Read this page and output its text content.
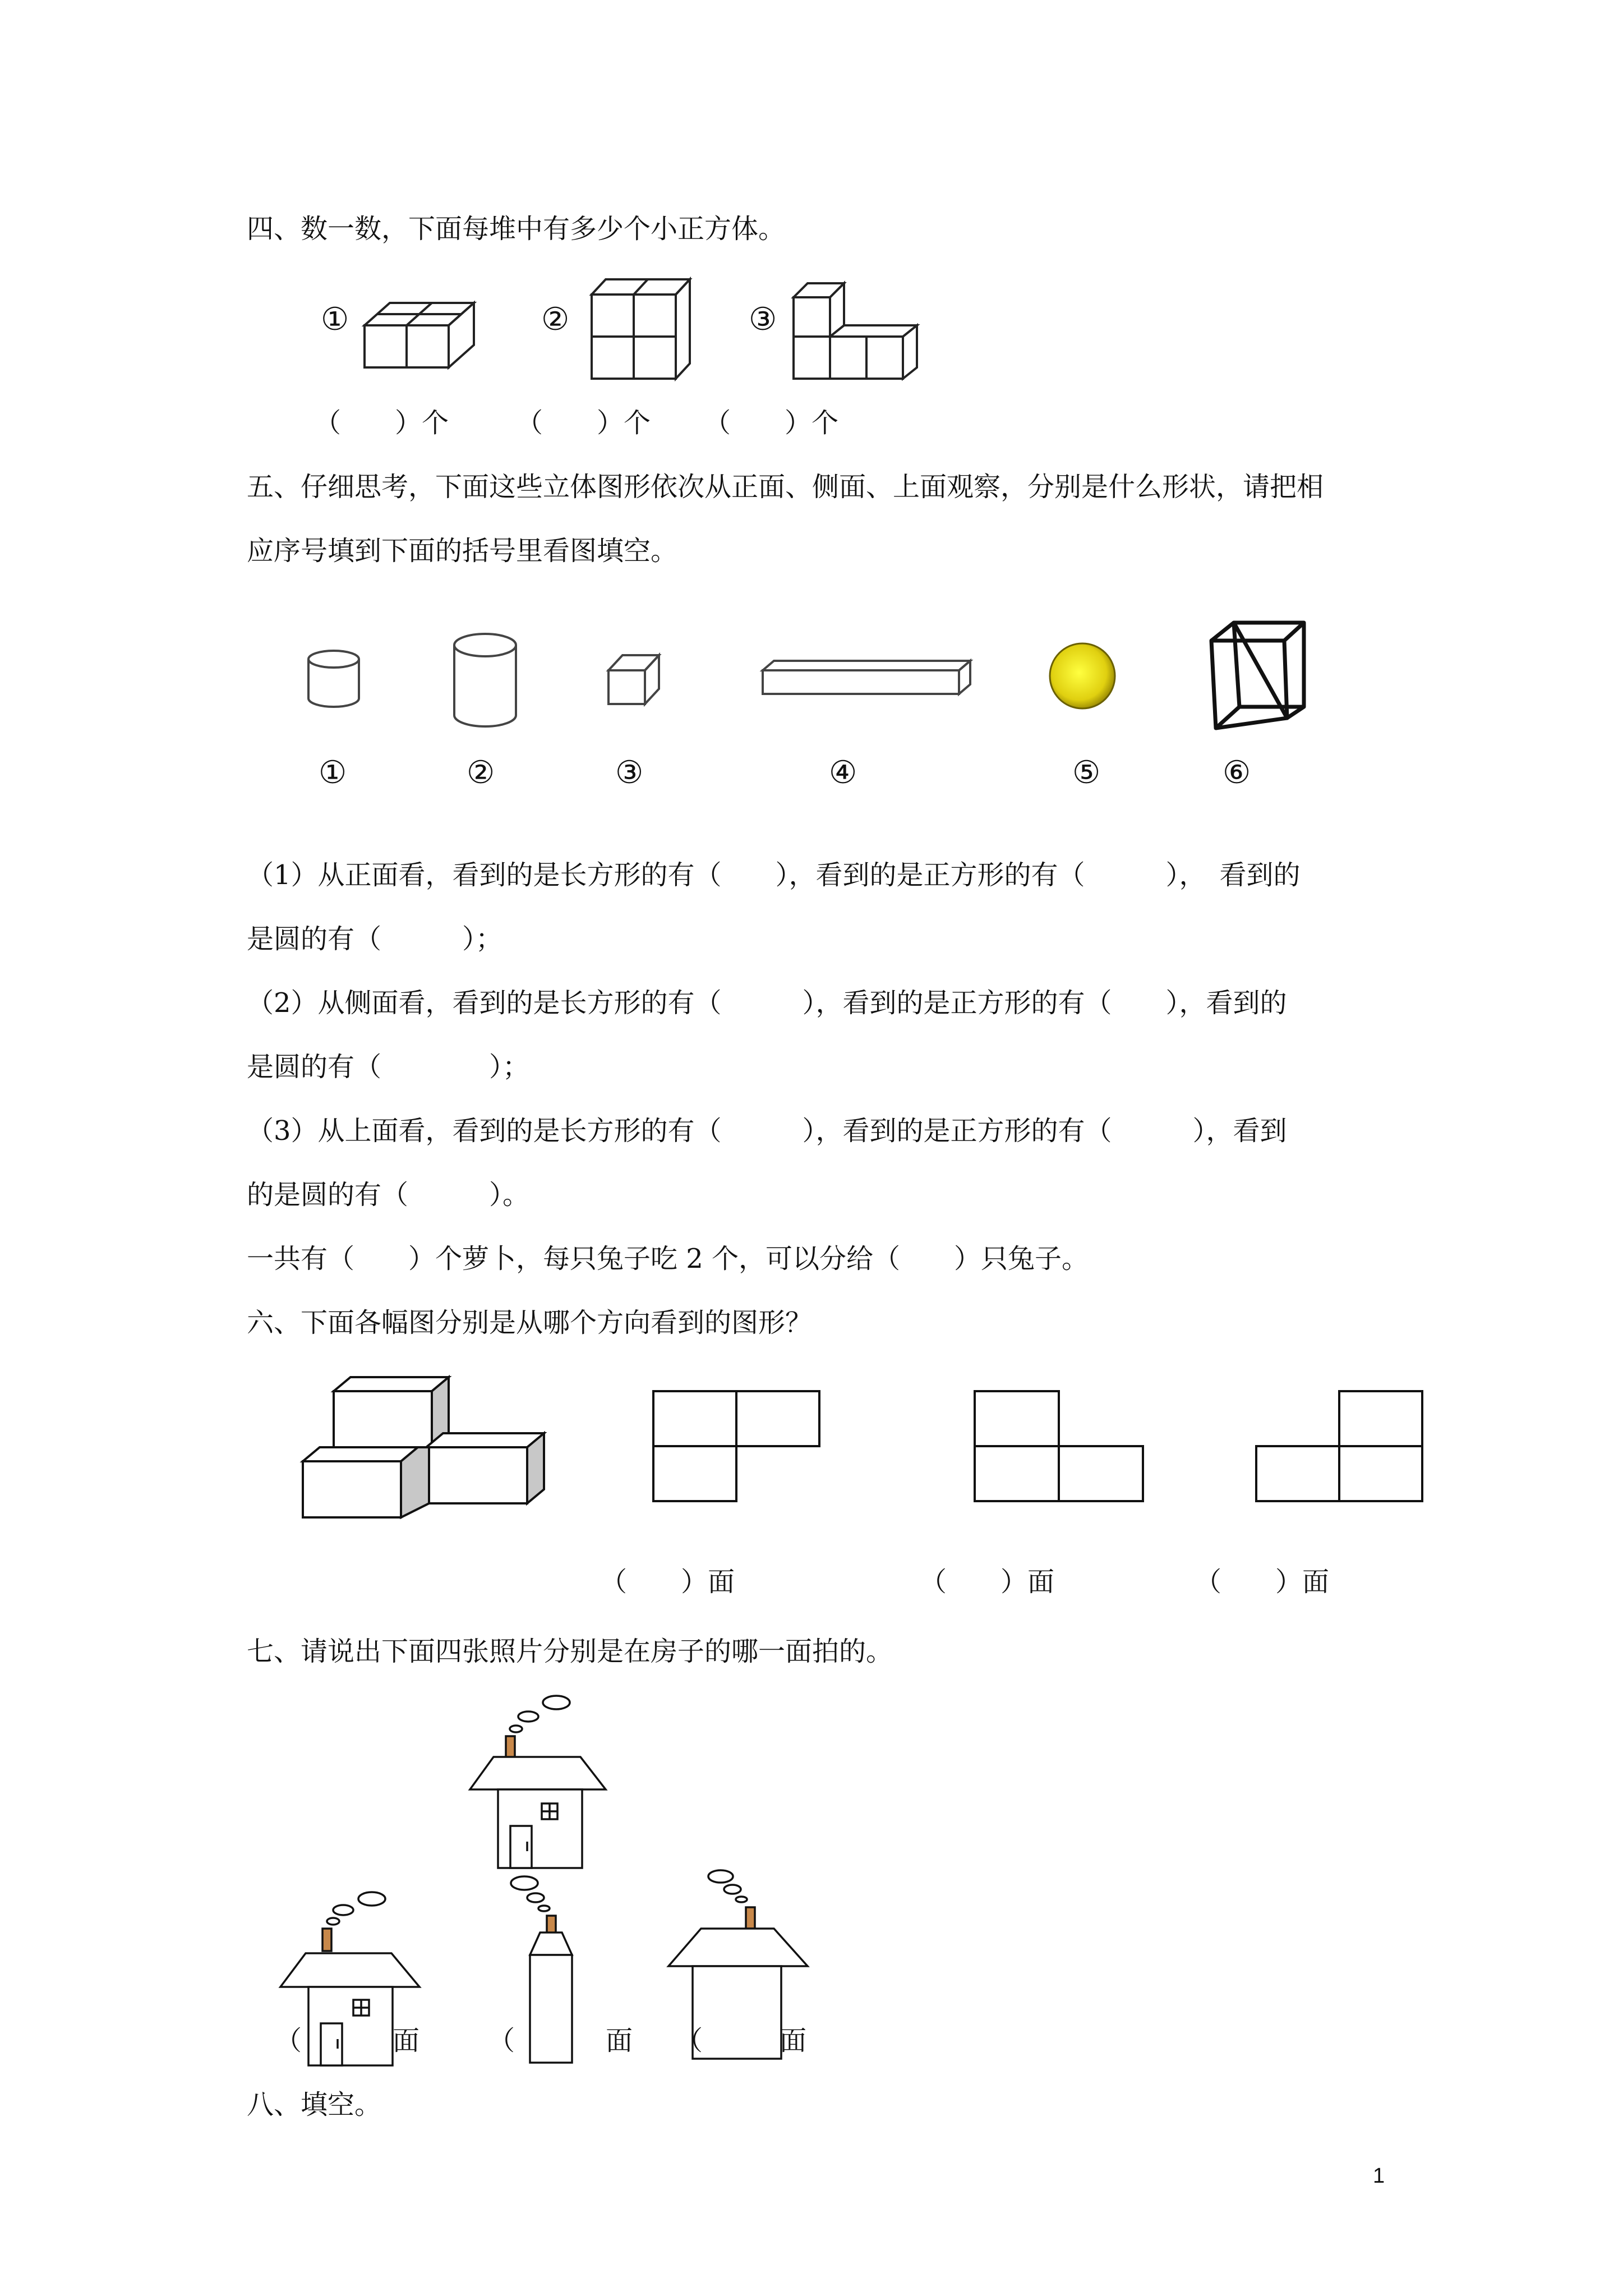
四、数一数，下面每堆中有多少个小正方体。
①	②	③
（　　）个 （　　）个 （　　）个
五、仔细思考，下面这些立体图形依次从正面、侧面、上面观察，分别是什么形状，请把相
应序号填到下面的括号里看图填空。
①	②	③	④	⑤	⑥
（1）从正面看，看到的是长方形的有（　　），看到的是正方形的有（　　　），　看到的
是圆的有（　　　）；
（2）从侧面看，看到的是长方形的有（　　　），看到的是正方形的有（　　），看到的
是圆的有（　　　　）；
（3）从上面看，看到的是长方形的有（　　　），看到的是正方形的有（　　　），看到
的是圆的有（　　　）。
一共有（　　）个萝卜，每只兔子吃 2 个，可以分给（　　）只兔子。
六、下面各幅图分别是从哪个方向看到的图形？
（　　）面	（　　）面	（　　）面
七、请说出下面四张照片分别是在房子的哪一面拍的。
（	面	（	面 （	面
八、填空。
1
